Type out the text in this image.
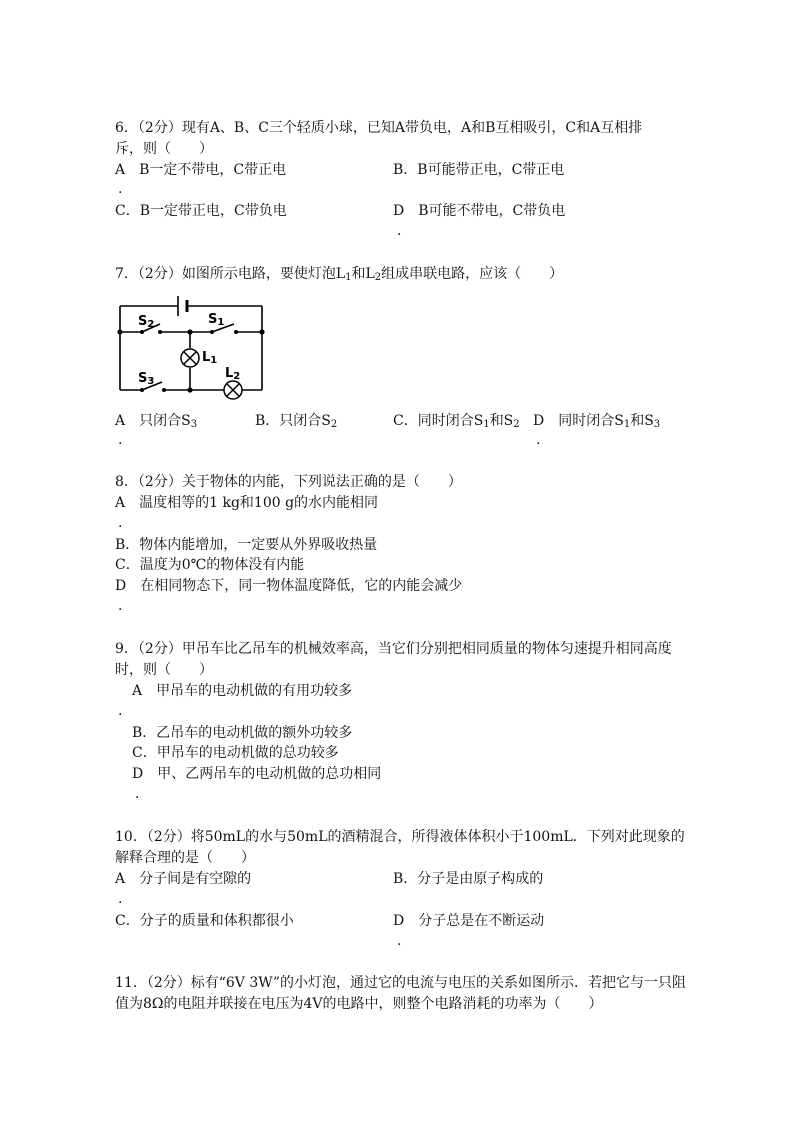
6．（2分）现有A、B、C三个轻质小球，已知A带负电，A和B互相吸引，C和A互相排
斥，则（　　）
A　B一定不带电，C带正电
.
B．B可能带正电，C带正电
C．B一定带正电，C带负电	D　B可能不带电，C带负电
.
7．（2分）如图所示电路，要使灯泡$L_1$和$L_2$组成串联电路，应该（　　）
S2	S1
L1
S3
L2
A　只闭合$S_3$
.
B．只闭合$S_2$	C．同时闭合$S_1$和$S_2$ D　同时闭合$S_1$和$S_3$
.
8．（2分）关于物体的内能，下列说法正确的是（　　）
A　温度相等的1 kg和100 g的水内能相同
.
B．物体内能增加，一定要从外界吸收热量
C．温度为0℃的物体没有内能
D　在相同物态下，同一物体温度降低，它的内能会减少
.
9．（2分）甲吊车比乙吊车的机械效率高，当它们分别把相同质量的物体匀速提升相同高度
时，则（　　）
A　甲吊车的电动机做的有用功较多
.
B．乙吊车的电动机做的额外功较多
C．甲吊车的电动机做的总功较多
D　甲、乙两吊车的电动机做的总功相同
.
10．（2分）将50mL的水与50mL的酒精混合，所得液体体积小于100mL．下列对此现象的
解释合理的是（　　）
A　分子间是有空隙的
.
B．分子是由原子构成的
C．分子的质量和体积都很小	D　分子总是在不断运动
.
11．（2分）标有“6V 3W”的小灯泡，通过它的电流与电压的关系如图所示．若把它与一只阻
值为8Ω的电阻并联接在电压为4V的电路中，则整个电路消耗的功率为（　　）
